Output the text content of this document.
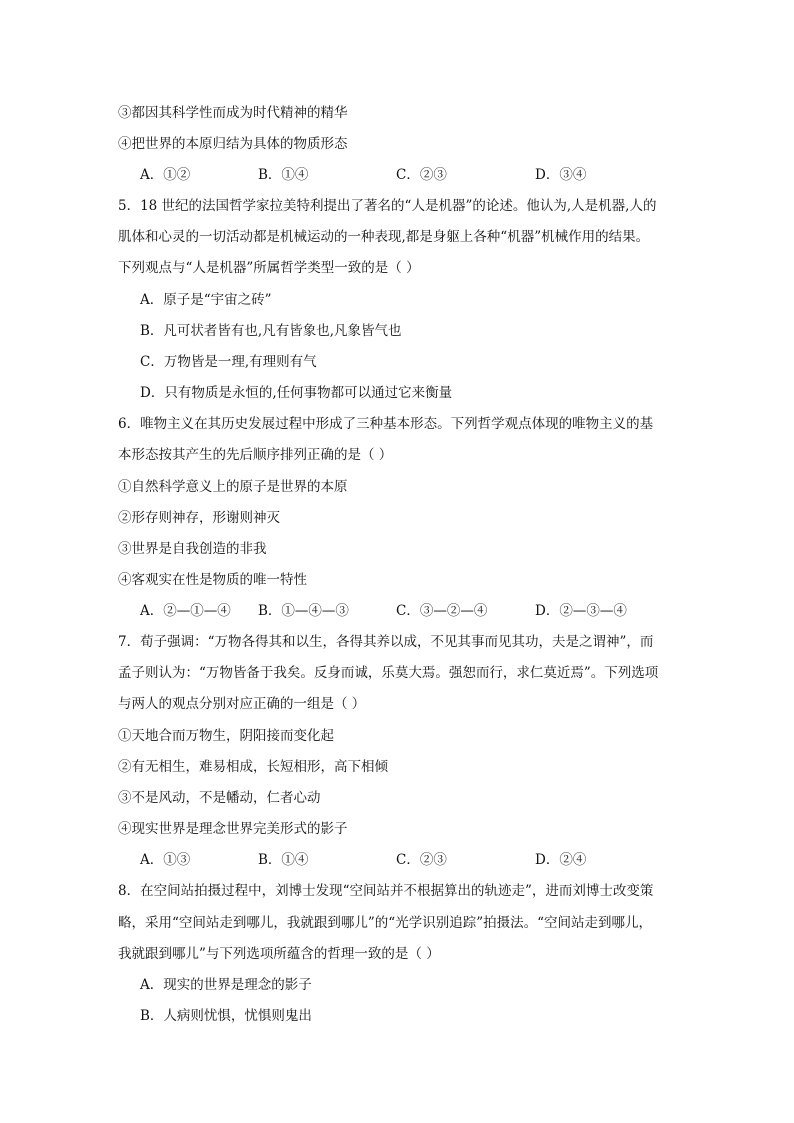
③都因其科学性而成为时代精神的精华
④把世界的本原归结为具体的物质形态
A．①②	B．①④	C．②③	D．③④
5．18 世纪的法国哲学家拉美特利提出了著名的“人是机器”的论述。他认为,人是机器,人的
肌体和心灵的一切活动都是机械运动的一种表现,都是身躯上各种“机器”机械作用的结果。
下列观点与“人是机器”所属哲学类型一致的是（ ）
A．原子是“宇宙之砖”
B．凡可状者皆有也,凡有皆象也,凡象皆气也
C．万物皆是一理,有理则有气
D．只有物质是永恒的,任何事物都可以通过它来衡量
6．唯物主义在其历史发展过程中形成了三种基本形态。下列哲学观点体现的唯物主义的基
本形态按其产生的先后顺序排列正确的是（ ）
①自然科学意义上的原子是世界的本原
②形存则神存，形谢则神灭
③世界是自我创造的非我
④客观实在性是物质的唯一特性
A．②—①—④ B．①—④—③	C．③—②—④	D．②—③—④
7．荀子强调：“万物各得其和以生，各得其养以成，不见其事而见其功，夫是之谓神”，而
孟子则认为：“万物皆备于我矣。反身而诚，乐莫大焉。强恕而行，求仁莫近焉”。下列选项
与两人的观点分别对应正确的一组是（ ）
①天地合而万物生，阴阳接而变化起
②有无相生，难易相成，长短相形，高下相倾
③不是风动，不是幡动，仁者心动
④现实世界是理念世界完美形式的影子
A．①③	B．①④	C．②③	D．②④
8．在空间站拍摄过程中，刘博士发现“空间站并不根据算出的轨迹走”，进而刘博士改变策
略，采用“空间站走到哪儿，我就跟到哪儿”的“光学识别追踪”拍摄法。“空间站走到哪儿，
我就跟到哪儿”与下列选项所蕴含的哲理一致的是（ ）
A．现实的世界是理念的影子
B．人病则忧惧，忧惧则鬼出
